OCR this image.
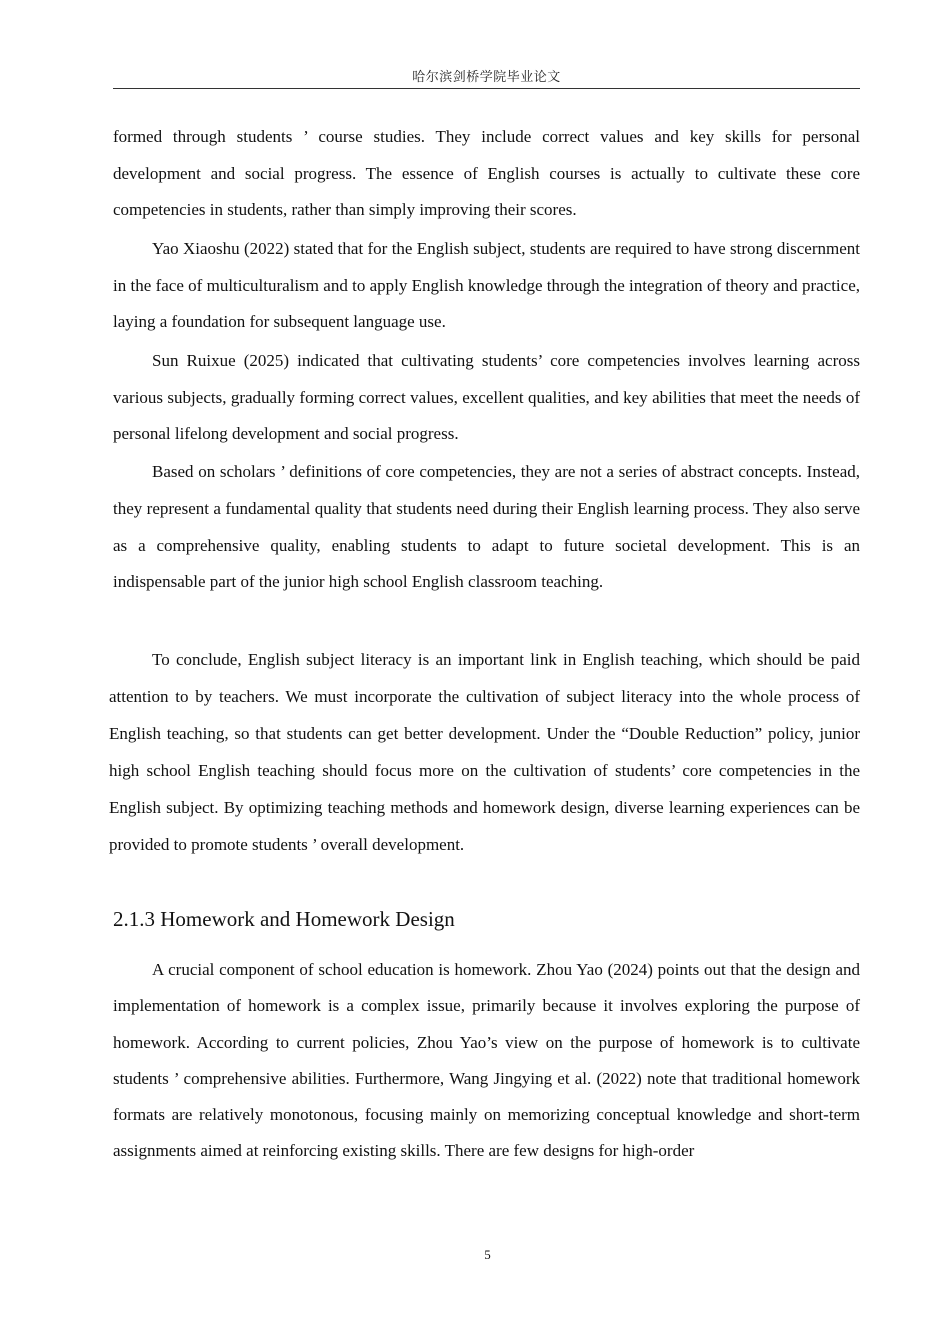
哈尔滨剑桥学院毕业论文

formed through students ’ course studies. They include correct values and key skills for personal development and social progress. The essence of English courses is actually to cultivate these core competencies in students, rather than simply improving their scores.

Yao Xiaoshu (2022) stated that for the English subject, students are required to have strong discernment in the face of multiculturalism and to apply English knowledge through the integration of theory and practice, laying a foundation for subsequent language use.

Sun Ruixue (2025) indicated that cultivating students’ core competencies involves learning across various subjects, gradually forming correct values, excellent qualities, and key abilities that meet the needs of personal lifelong development and social progress.

Based on scholars ’ definitions of core competencies, they are not a series of abstract concepts. Instead, they represent a fundamental quality that students need during their English learning process. They also serve as a comprehensive quality, enabling students to adapt to future societal development. This is an indispensable part of the junior high school English classroom teaching.

To conclude, English subject literacy is an important link in English teaching, which should be paid attention to by teachers. We must incorporate the cultivation of subject literacy into the whole process of English teaching, so that students can get better development. Under the “Double Reduction” policy, junior high school English teaching should focus more on the cultivation of students’ core competencies in the English subject. By optimizing teaching methods and homework design, diverse learning experiences can be provided to promote students ’ overall development.

2.1.3 Homework and Homework Design

A crucial component of school education is homework. Zhou Yao (2024) points out that the design and implementation of homework is a complex issue, primarily because it involves exploring the purpose of homework. According to current policies, Zhou Yao’s view on the purpose of homework is to cultivate students ’ comprehensive abilities. Furthermore, Wang Jingying et al. (2022) note that traditional homework formats are relatively monotonous, focusing mainly on memorizing conceptual knowledge and short-term assignments aimed at reinforcing existing skills. There are few designs for high-order

5
